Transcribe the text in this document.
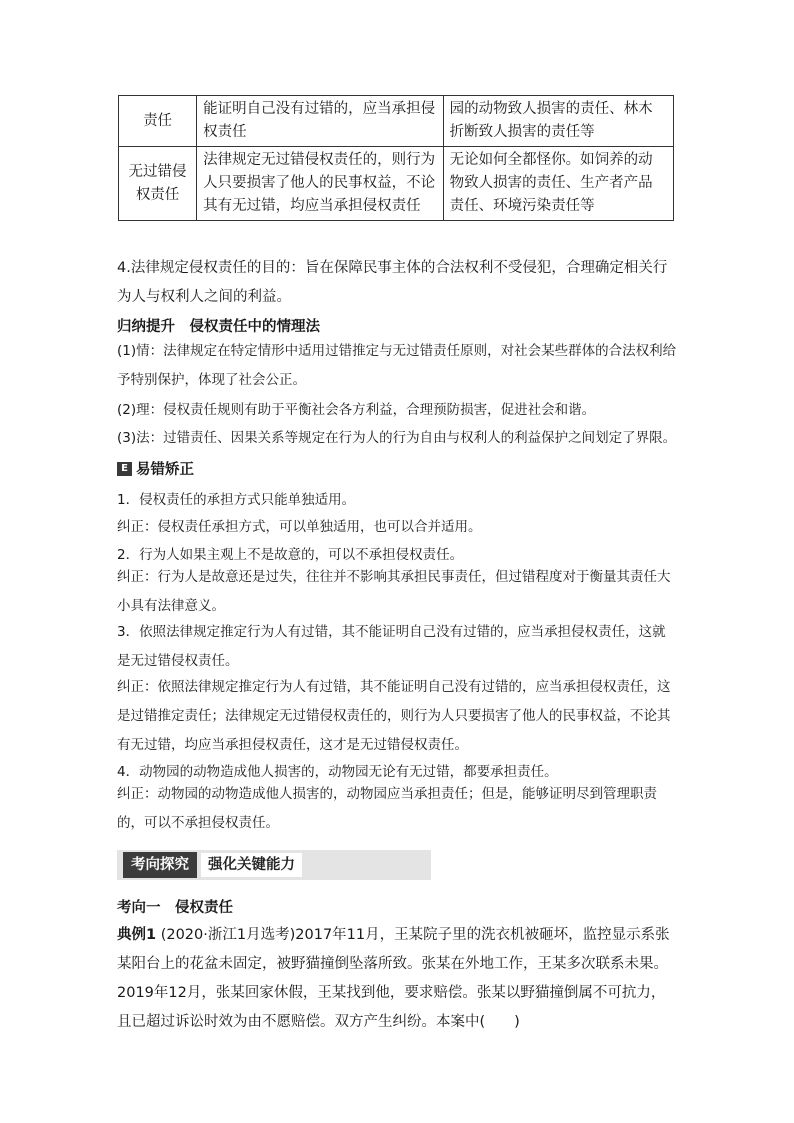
责任	能证明自己没有过错的，应当承担侵权责任	园的动物致人损害的责任、林木折断致人损害的责任等
无过错侵权责任	法律规定无过错侵权责任的，则行为人只要损害了他人的民事权益，不论其有无过错，均应当承担侵权责任	无论如何全都怪你。如饲养的动物致人损害的责任、生产者产品责任、环境污染责任等
4.法律规定侵权责任的目的：旨在保障民事主体的合法权利不受侵犯，合理确定相关行为人与权利人之间的利益。
归纳提升　侵权责任中的情理法
(1)情：法律规定在特定情形中适用过错推定与无过错责任原则，对社会某些群体的合法权利给予特别保护，体现了社会公正。
(2)理：侵权责任规则有助于平衡社会各方利益，合理预防损害，促进社会和谐。
(3)法：过错责任、因果关系等规定在行为人的行为自由与权利人的利益保护之间划定了界限。
E 易错矫正
1．侵权责任的承担方式只能单独适用。
纠正：侵权责任承担方式，可以单独适用，也可以合并适用。
2．行为人如果主观上不是故意的，可以不承担侵权责任。
纠正：行为人是故意还是过失，往往并不影响其承担民事责任，但过错程度对于衡量其责任大小具有法律意义。
3．依照法律规定推定行为人有过错，其不能证明自己没有过错的，应当承担侵权责任，这就是无过错侵权责任。
纠正：依照法律规定推定行为人有过错，其不能证明自己没有过错的，应当承担侵权责任，这是过错推定责任；法律规定无过错侵权责任的，则行为人只要损害了他人的民事权益，不论其有无过错，均应当承担侵权责任，这才是无过错侵权责任。
4．动物园的动物造成他人损害的，动物园无论有无过错，都要承担责任。
纠正：动物园的动物造成他人损害的，动物园应当承担责任；但是，能够证明尽到管理职责的，可以不承担侵权责任。
考向探究	强化关键能力
考向一　侵权责任
典例1 (2020·浙江1月选考)2017年11月，王某院子里的洗衣机被砸坏，监控显示系张某阳台上的花盆未固定，被野猫撞倒坠落所致。张某在外地工作，王某多次联系未果。2019年12月，张某回家休假，王某找到他，要求赔偿。张某以野猫撞倒属不可抗力，且已超过诉讼时效为由不愿赔偿。双方产生纠纷。本案中(　　)
